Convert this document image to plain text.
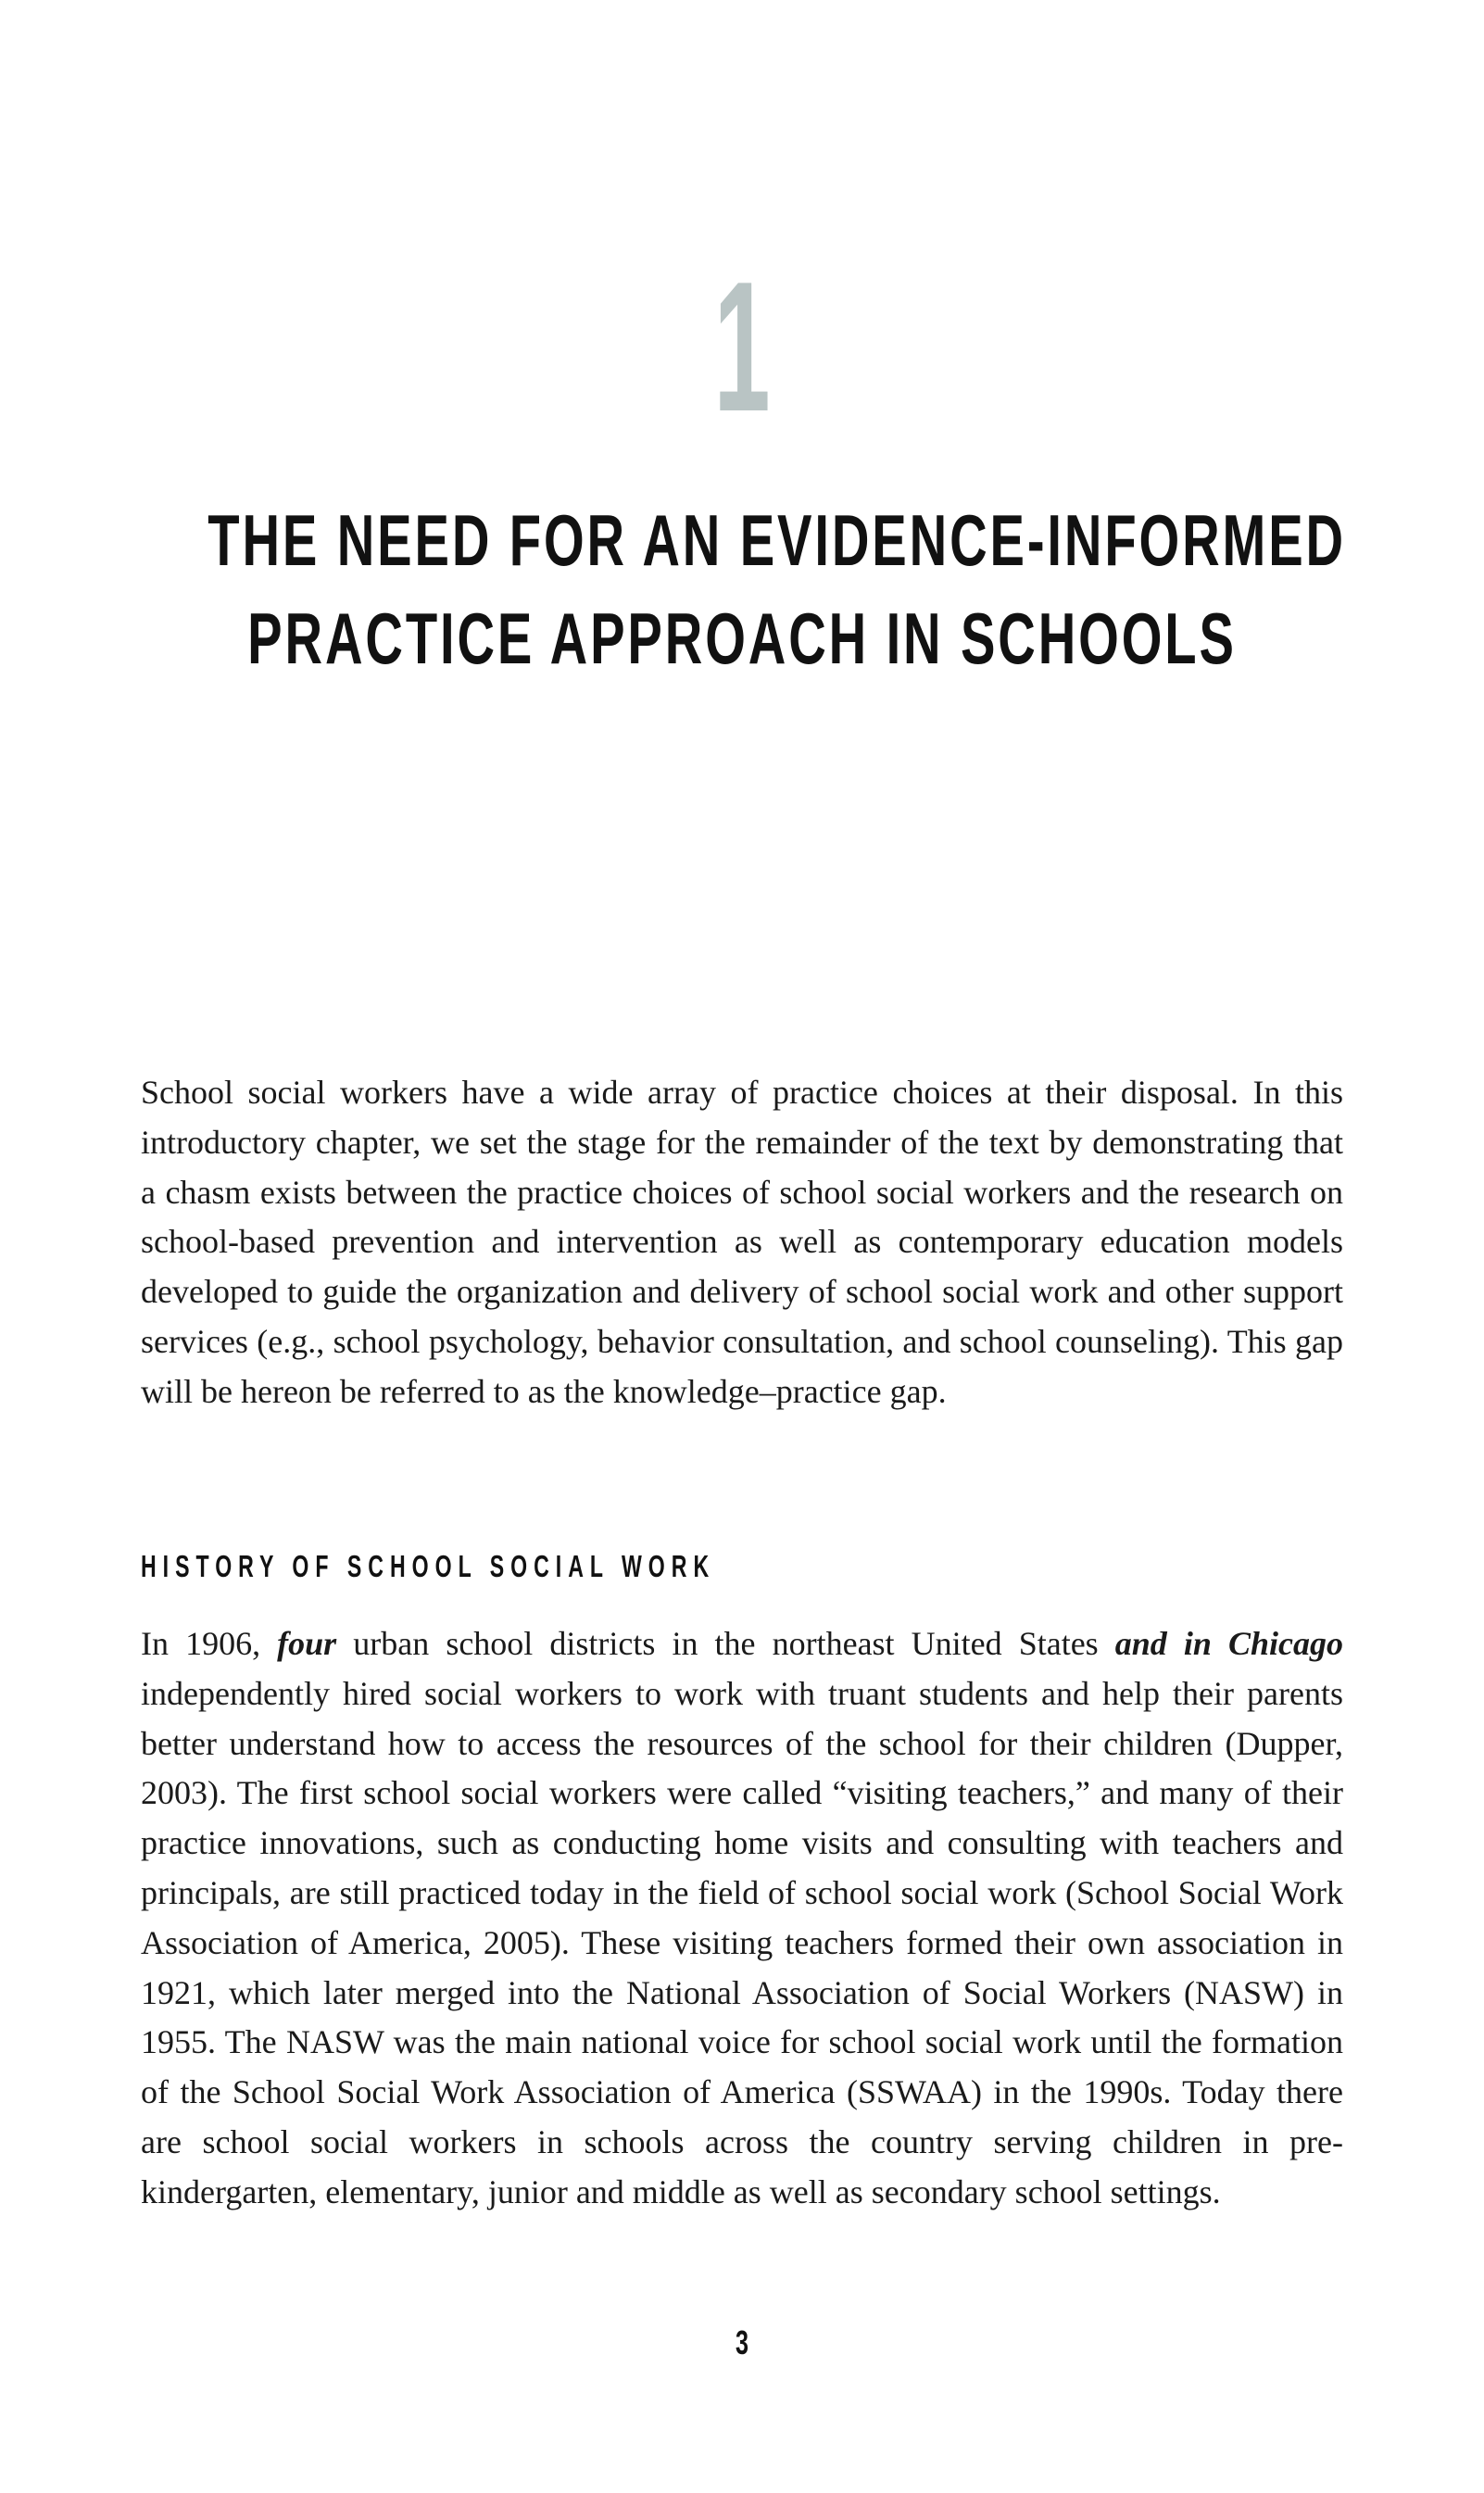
1
THE NEED FOR AN EVIDENCE-INFORMED
PRACTICE APPROACH IN SCHOOLS

School social workers have a wide array of practice choices at their disposal. In this introductory chapter, we set the stage for the remainder of the text by demonstrating that a chasm exists between the practice choices of school social workers and the research on school-based prevention and intervention as well as contemporary education models developed to guide the organization and delivery of school social work and other support services (e.g., school psychology, behavior consultation, and school counseling). This gap will be hereon be referred to as the knowledge–practice gap.

HISTORY OF SCHOOL SOCIAL WORK

In 1906, four urban school districts in the northeast United States and in Chicago independently hired social workers to work with truant students and help their parents better understand how to access the resources of the school for their children (Dupper, 2003). The first school social workers were called “visiting teachers,” and many of their practice innovations, such as conducting home visits and consulting with teachers and principals, are still practiced today in the field of school social work (School Social Work Association of America, 2005). These visiting teachers formed their own association in 1921, which later merged into the National Association of Social Workers (NASW) in 1955. The NASW was the main national voice for school social work until the formation of the School Social Work Association of America (SSWAA) in the 1990s. Today there are school social workers in schools across the country serving children in pre-kindergarten, elementary, junior and middle as well as secondary school settings.

3
